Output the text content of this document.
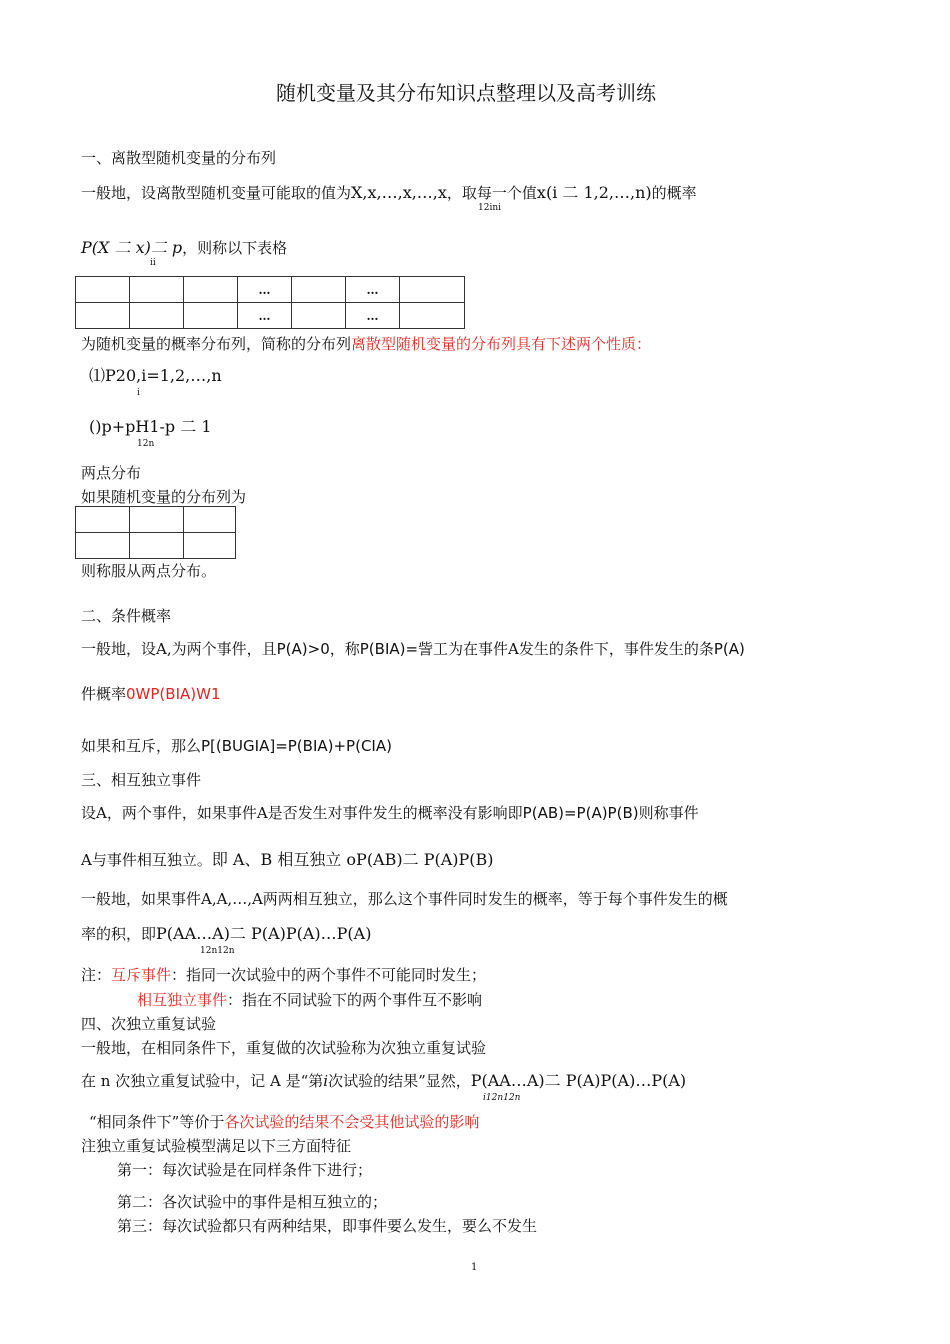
随机变量及其分布知识点整理以及高考训练
一、离散型随机变量的分布列
一般地，设离散型随机变量可能取的值为X,x,…,x,…,x，取每一个值x(i 二 1,2,…,n)的概率
12ini
P(X 二 x)二 p，则称以下表格
ii
			…		…	
			…		…	
为随机变量的概率分布列，简称的分布列离散型随机变量的分布列具有下述两个性质：
⑴P20,i=1,2,…,n
i
()p+pH1-p 二 1
12n
两点分布
如果随机变量的分布列为

则称服从两点分布。
二、条件概率
一般地，设A,为两个事件，且P(A)>0，称P(BIA)=訾工为在事件A发生的条件下，事件发生的条P(A)
件概率0WP(BIA)W1
如果和互斥，那么P[(BUGIA]=P(BIA)+P(CIA)
三、相互独立事件
设A，两个事件，如果事件A是否发生对事件发生的概率没有影响即P(AB)=P(A)P(B)则称事件
A与事件相互独立。即 A、B 相互独立 oP(AB)二 P(A)P(B)
一般地，如果事件A,A,…,A两两相互独立，那么这个事件同时发生的概率，等于每个事件发生的概
率的积，即P(AA…A)二 P(A)P(A)…P(A)
12n12n
注：互斥事件：指同一次试验中的两个事件不可能同时发生；
相互独立事件：指在不同试验下的两个事件互不影响
四、次独立重复试验
一般地，在相同条件下，重复做的次试验称为次独立重复试验
在 n 次独立重复试验中，记 A 是“第i次试验的结果”显然，P(AA…A)二 P(A)P(A)…P(A)
i12n12n
“相同条件下”等价于各次试验的结果不会受其他试验的影响
注独立重复试验模型满足以下三方面特征
第一：每次试验是在同样条件下进行；
第二：各次试验中的事件是相互独立的；
第三：每次试验都只有两种结果，即事件要么发生，要么不发生
1
